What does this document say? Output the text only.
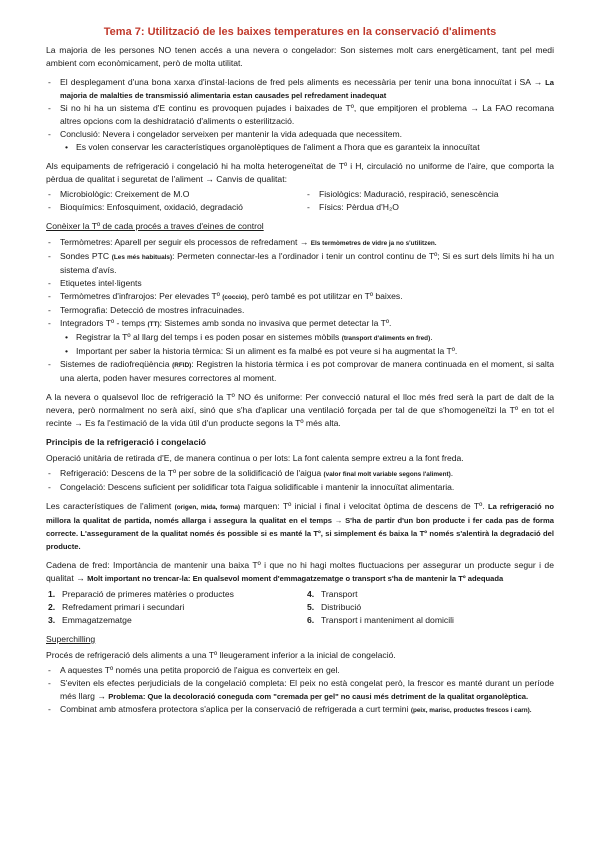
Tema 7: Utilització de les baixes temperatures en la conservació d'aliments

La majoria de les persones NO tenen accés a una nevera o congelador: Son sistemes molt cars energèticament, tant pel medi ambient com econòmicament, però de molta utilitat.

- El desplegament d'una bona xarxa d'instal·lacions de fred pels aliments es necessària per tenir una bona innocuïtat i SA → La majoria de malalties de transmissió alimentaria estan causades pel refredament inadequat
- Si no hi ha un sistema d'E continu es provoquen pujades i baixades de Tº, que empitjoren el problema → La FAO recomana altres opcions com la deshidratació d'aliments o esterilització.
- Conclusió: Nevera i congelador serveixen per mantenir la vida adequada que necessitem.
• Es volen conservar les característiques organolèptiques de l'aliment a l'hora que es garanteix la innocuïtat

Als equipaments de refrigeració i congelació hi ha molta heterogeneïtat de Tº i H, circulació no uniforme de l'aire, que comporta la pèrdua de qualitat i seguretat de l'aliment → Canvis de qualitat:

- Microbiològic: Creixement de M.O	- Fisiològics: Maduració, respiració, senescència
- Bioquímics: Enfosquiment, oxidació, degradació	- Físics: Pèrdua d'H₂O
Conèixer la Tº de cada procés a traves d'eines de control
- Termòmetres: Aparell per seguir els processos de refredament → Els termòmetres de vidre ja no s'utilitzen.
- Sondes PTC (Les més habituals): Permeten connectar-les a l'ordinador i tenir un control continu de Tº; Si es surt dels límits hi ha un sistema d'avís.
- Etiquetes intel·ligents
- Termòmetres d'infrarojos: Per elevades Tº (cocció), però també es pot utilitzar en Tº baixes.
- Termografia: Detecció de mostres infracuinades.
- Integradors Tº - temps (TT): Sistemes amb sonda no invasiva que permet detectar la Tº.
• Registrar la Tº al llarg del temps i es poden posar en sistemes mòbils (transport d'aliments en fred).
• Important per saber la historia tèrmica: Si un aliment es fa malbé es pot veure si ha augmentat la Tº.
- Sistemes de radiofreqüència (RFID): Registren la historia tèrmica i es pot comprovar de manera continuada en el moment, si salta una alerta, poden haver mesures correctores al moment.

A la nevera o qualsevol lloc de refrigeració la Tº NO és uniforme: Per convecció natural el lloc més fred serà la part de dalt de la nevera, però normalment no serà així, sinó que s'ha d'aplicar una ventilació forçada per tal de que s'homogeneïtzi la Tº en tot el recinte → Es fa l'estimació de la vida útil d'un producte segons la Tº més alta.

Principis de la refrigeració i congelació

Operació unitària de retirada d'E, de manera continua o per lots: La font calenta sempre extreu a la font freda.

- Refrigeració: Descens de la Tº per sobre de la solidificació de l'aigua (valor final molt variable segons l'aliment).
- Congelació: Descens suficient per solidificar tota l'aigua solidificable i mantenir la innocuïtat alimentaria.

Les característiques de l'aliment (origen, mida, forma) marquen: Tº inicial i final i velocitat òptima de descens de Tº. La refrigeració no millora la qualitat de partida, només allarga i assegura la qualitat en el temps → S'ha de partir d'un bon producte i fer cada pas de forma correcte. L'assegurament de la qualitat només és possible si es manté la Tº, si simplement és baixa la Tº només s'alentirà la degradació del producte.

Cadena de fred: Importància de mantenir una baixa Tº i que no hi hagi moltes fluctuacions per assegurar un producte segur i de qualitat → Molt important no trencar-la: En qualsevol moment d'emmagatzematge o transport s'ha de mantenir la Tº adequada

1. Preparació de primeres matèries o productes	4. Transport
2. Refredament primari i secundari	5. Distribució
3. Emmagatzematge	6. Transport i manteniment al domicili
Superchilling

Procés de refrigeració dels aliments a una Tº lleugerament inferior a la inicial de congelació.

- A aquestes Tº només una petita proporció de l'aigua es converteix en gel.
- S'eviten els efectes perjudicials de la congelació completa: El peix no està congelat però, la frescor es manté durant un període més llarg → Problema: Que la decoloració coneguda com "cremada per gel" no causi més detriment de la qualitat organolèptica.
- Combinat amb atmosfera protectora s'aplica per la conservació de refrigerada a curt termini (peix, marisc, productes frescos i carn).
